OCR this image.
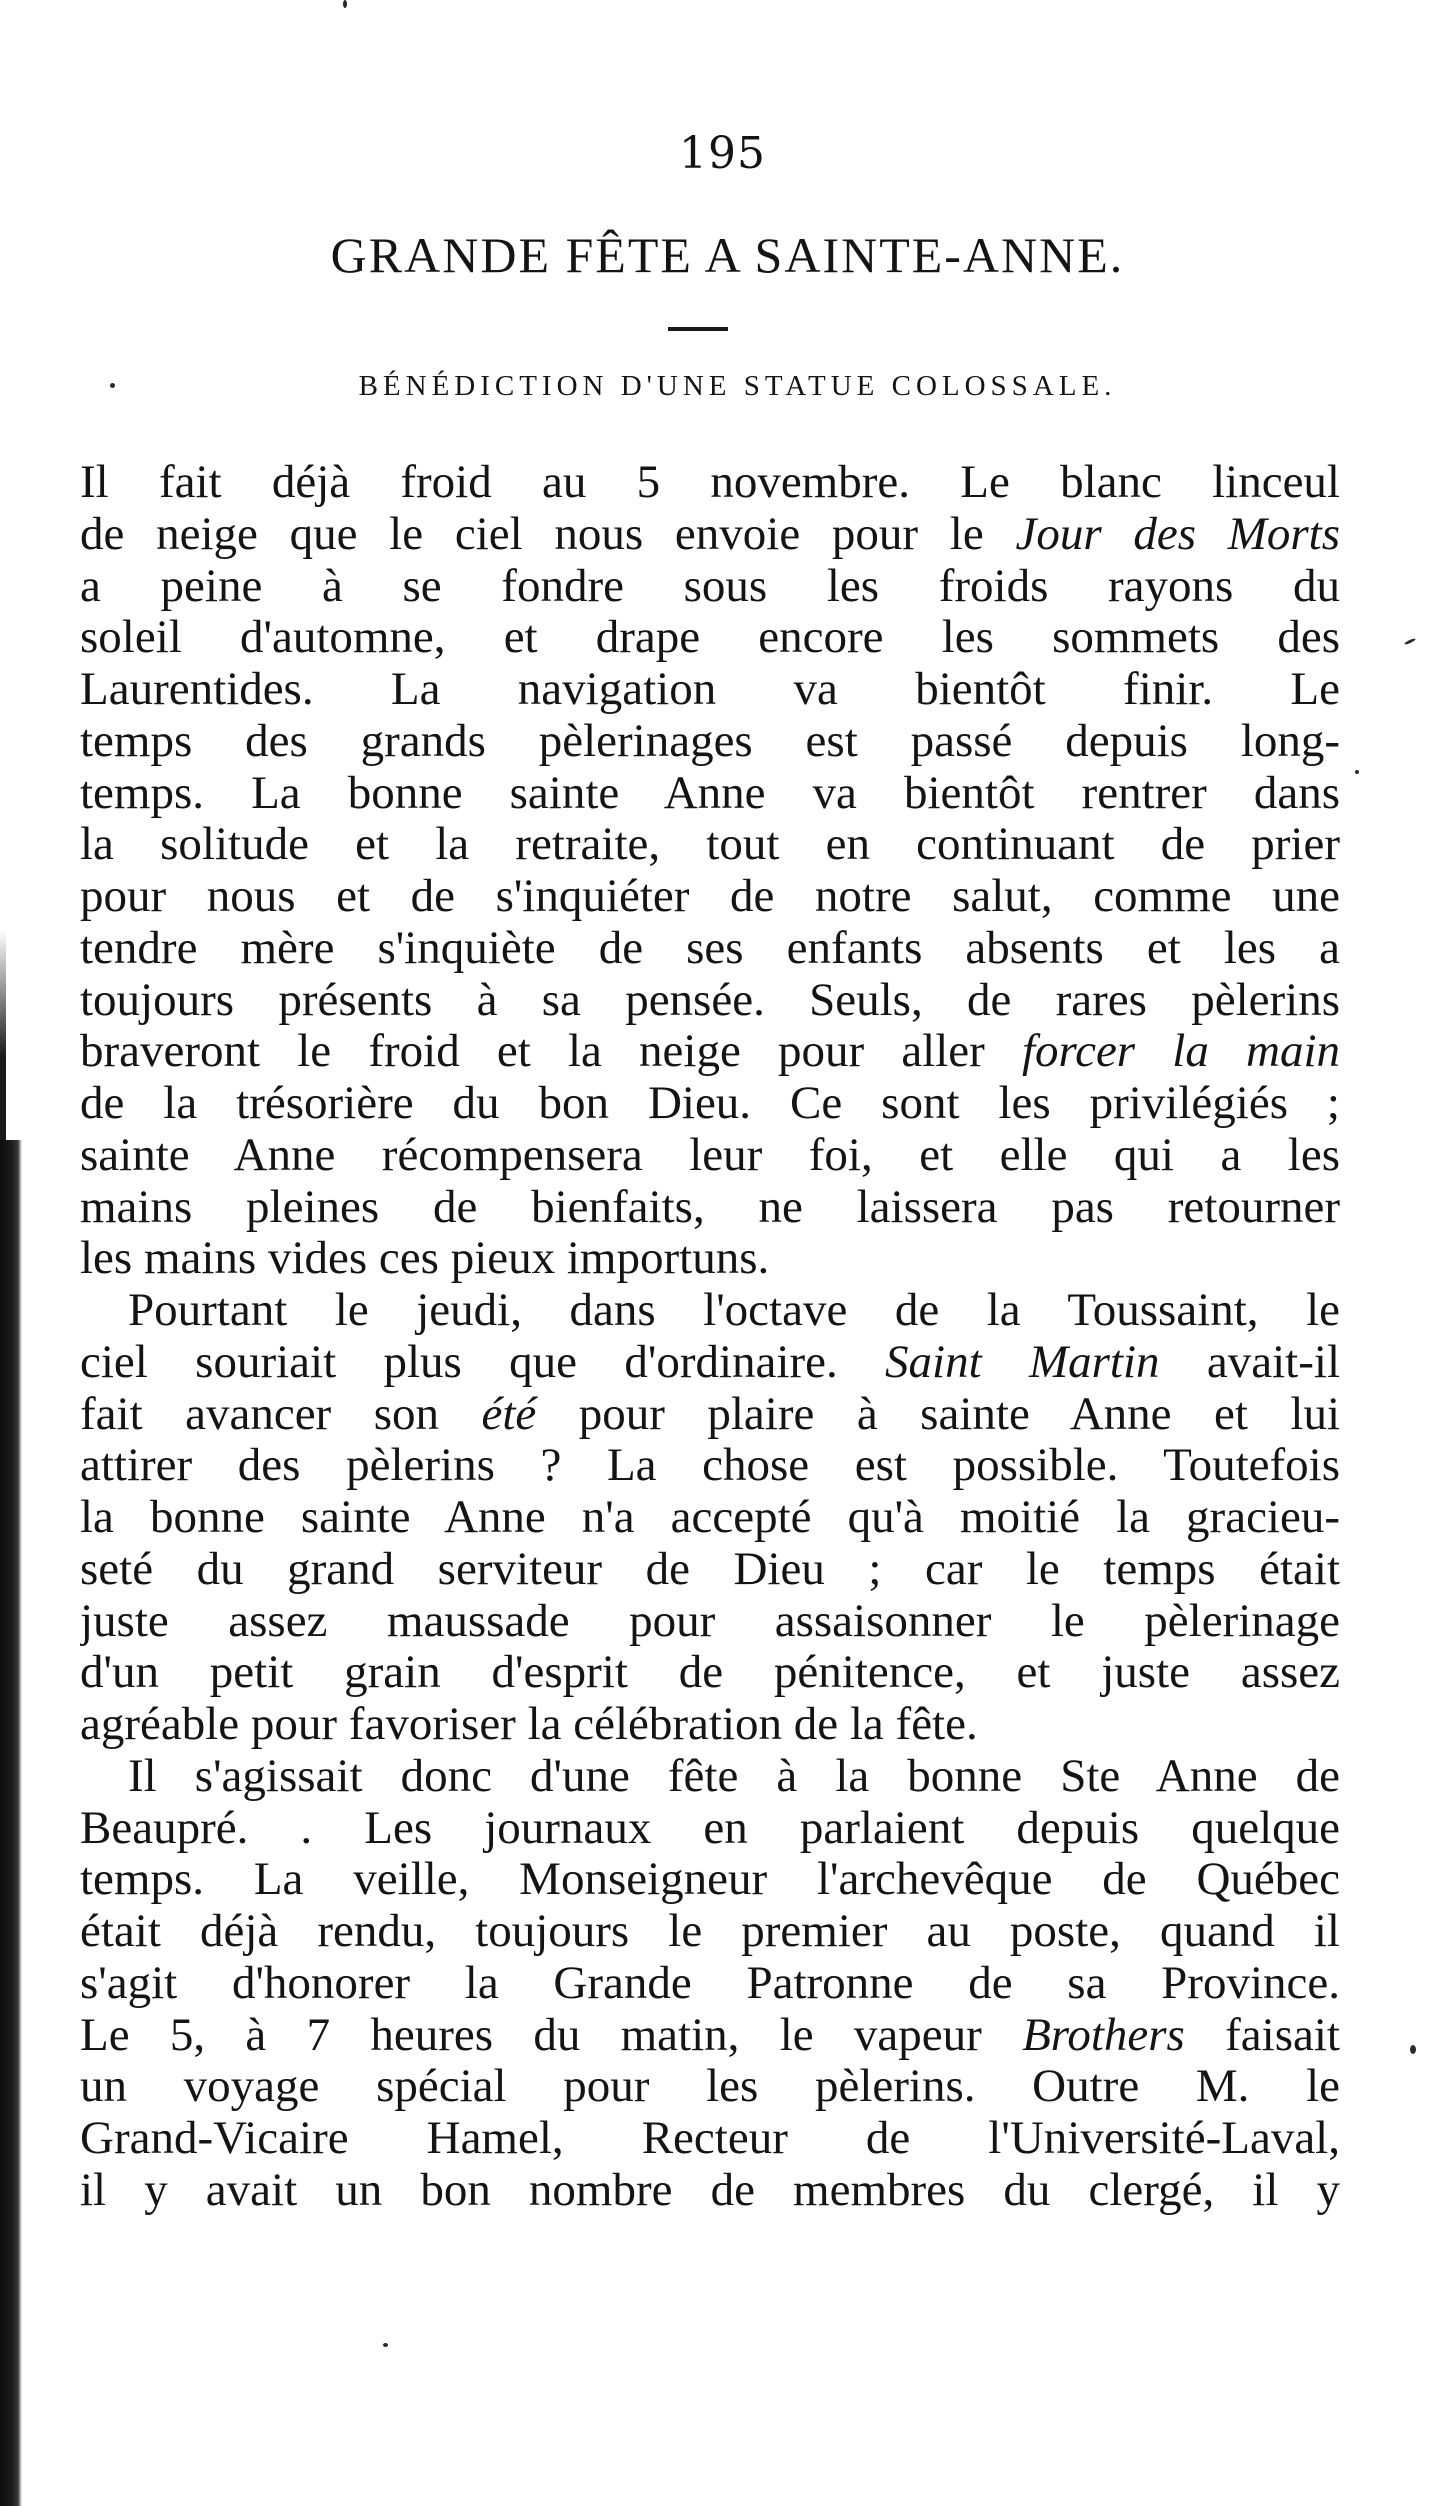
195
GRANDE FÊTE A SAINTE-ANNE.
BÉNÉDICTION D'UNE STATUE COLOSSALE.
Il fait déjà froid au 5 novembre. Le blanc linceul
de neige que le ciel nous envoie pour le Jour des Morts
a peine à se fondre sous les froids rayons du
soleil d'automne, et drape encore les sommets des
Laurentides. La navigation va bientôt finir. Le
temps des grands pèlerinages est passé depuis long-
temps. La bonne sainte Anne va bientôt rentrer dans
la solitude et la retraite, tout en continuant de prier
pour nous et de s'inquiéter de notre salut, comme une
tendre mère s'inquiète de ses enfants absents et les a
toujours présents à sa pensée. Seuls, de rares pèlerins
braveront le froid et la neige pour aller forcer la main
de la trésorière du bon Dieu. Ce sont les privilégiés ;
sainte Anne récompensera leur foi, et elle qui a les
mains pleines de bienfaits, ne laissera pas retourner
les mains vides ces pieux importuns.
Pourtant le jeudi, dans l'octave de la Toussaint, le
ciel souriait plus que d'ordinaire. Saint Martin avait-il
fait avancer son été pour plaire à sainte Anne et lui
attirer des pèlerins ? La chose est possible. Toutefois
la bonne sainte Anne n'a accepté qu'à moitié la gracieu-
seté du grand serviteur de Dieu ; car le temps était
juste assez maussade pour assaisonner le pèlerinage
d'un petit grain d'esprit de pénitence, et juste assez
agréable pour favoriser la célébration de la fête.
Il s'agissait donc d'une fête à la bonne Ste Anne de
Beaupré. . Les journaux en parlaient depuis quelque
temps. La veille, Monseigneur l'archevêque de Québec
était déjà rendu, toujours le premier au poste, quand il
s'agit d'honorer la Grande Patronne de sa Province.
Le 5, à 7 heures du matin, le vapeur Brothers faisait
un voyage spécial pour les pèlerins. Outre M. le
Grand-Vicaire Hamel, Recteur de l'Université-Laval,
il y avait un bon nombre de membres du clergé, il y
